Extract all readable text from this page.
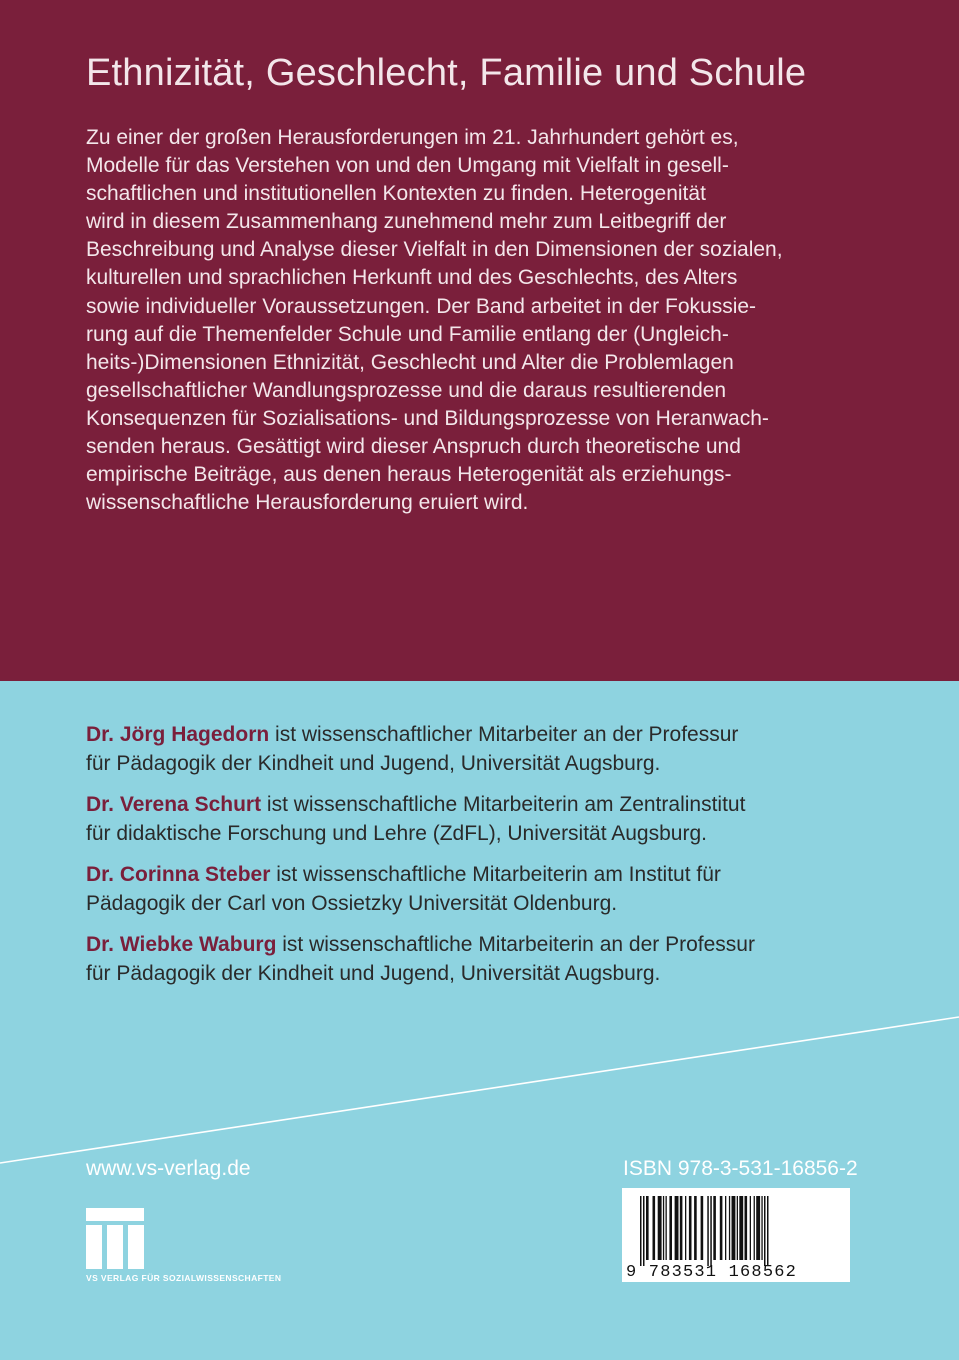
Ethnizität, Geschlecht, Familie und Schule
Zu einer der großen Herausforderungen im 21. Jahrhundert gehört es,
Modelle für das Verstehen von und den Umgang mit Vielfalt in gesell-
schaftlichen und institutionellen Kontexten zu finden. Heterogenität
wird in diesem Zusammenhang zunehmend mehr zum Leitbegriff der
Beschreibung und Analyse dieser Vielfalt in den Dimensionen der sozialen,
kulturellen und sprachlichen Herkunft und des Geschlechts, des Alters
sowie individueller Voraussetzungen. Der Band arbeitet in der Fokussie-
rung auf die Themenfelder Schule und Familie entlang der (Ungleich-
heits-)Dimensionen Ethnizität, Geschlecht und Alter die Problemlagen
gesellschaftlicher Wandlungsprozesse und die daraus resultierenden
Konsequenzen für Sozialisations- und Bildungsprozesse von Heranwach-
senden heraus. Gesättigt wird dieser Anspruch durch theoretische und
empirische Beiträge, aus denen heraus Heterogenität als erziehungs-
wissenschaftliche Herausforderung eruiert wird.
Dr. Jörg Hagedorn ist wissenschaftlicher Mitarbeiter an der Professur
für Pädagogik der Kindheit und Jugend, Universität Augsburg.
Dr. Verena Schurt ist wissenschaftliche Mitarbeiterin am Zentralinstitut
für didaktische Forschung und Lehre (ZdFL), Universität Augsburg.
Dr. Corinna Steber ist wissenschaftliche Mitarbeiterin am Institut für
Pädagogik der Carl von Ossietzky Universität Oldenburg.
Dr. Wiebke Waburg ist wissenschaftliche Mitarbeiterin an der Professur
für Pädagogik der Kindheit und Jugend, Universität Augsburg.
www.vs-verlag.de
VS VERLAG FÜR SOZIALWISSENSCHAFTEN
ISBN 978-3-531-16856-2
9 783531 168562
